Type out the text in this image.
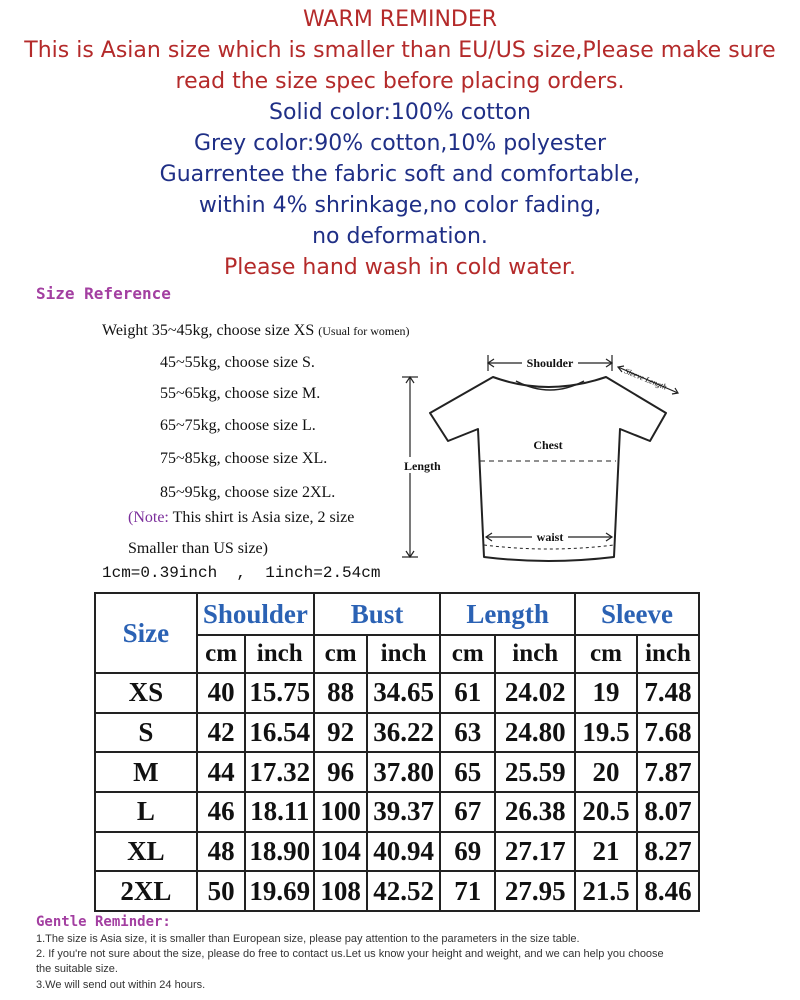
WARM REMINDER
This is Asian size which is smaller than EU/US size,Please make sure
read the size spec before placing orders.
Solid color:100% cotton
Grey color:90% cotton,10% polyester
Guarrentee the fabric soft and comfortable,
within 4% shrinkage,no color fading,
no deformation.
Please hand wash in cold water.
Size Reference
Weight 35~45kg, choose size XS (Usual for women)
45~55kg, choose size S.
55~65kg, choose size M.
65~75kg, choose size L.
75~85kg, choose size XL.
85~95kg, choose size 2XL.
(Note: This shirt is Asia size, 2 size
Smaller than US size)
1cm=0.39inch  ,  1inch=2.54cm
Shoulder
Sleeve Length
Length
Chest
waist
Size	Shoulder		Bust		Length		Sleeve	
	cm	inch	cm	inch	cm	inch	cm	inch
XS	40	15.75	88	34.65	61	24.02	19	7.48
S	42	16.54	92	36.22	63	24.80	19.5	7.68
M	44	17.32	96	37.80	65	25.59	20	7.87
L	46	18.11	100	39.37	67	26.38	20.5	8.07
XL	48	18.90	104	40.94	69	27.17	21	8.27
2XL	50	19.69	108	42.52	71	27.95	21.5	8.46
Gentle Reminder:
1.The size is Asia size, it is smaller than European size, please pay attention to the parameters in the size table.
2. If you're not sure about the size, please do free to contact us.Let us know your height and weight, and we can help you choose
the suitable size.
3.We will send out within 24 hours.
